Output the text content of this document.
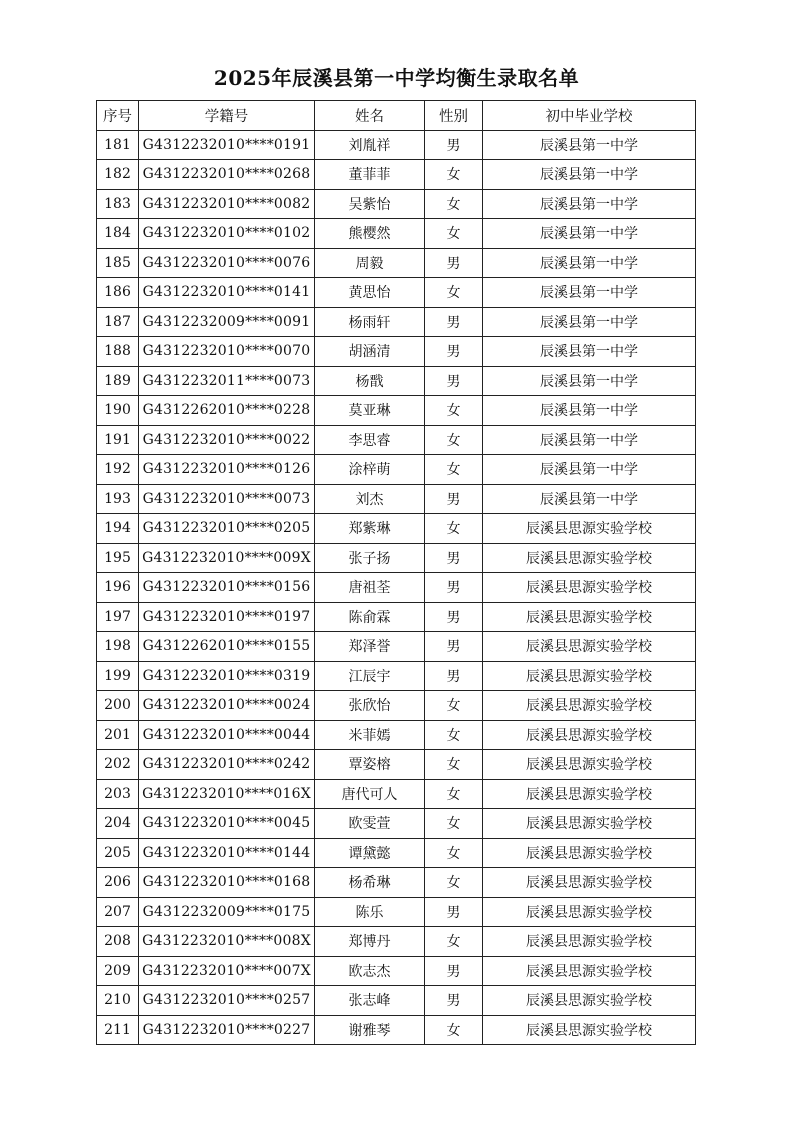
2025年辰溪县第一中学均衡生录取名单
序号	学籍号	姓名	性别	初中毕业学校
181	G4312232010****0191	刘胤祥	男	辰溪县第一中学
182	G4312232010****0268	董菲菲	女	辰溪县第一中学
183	G4312232010****0082	吴紫怡	女	辰溪县第一中学
184	G4312232010****0102	熊樱然	女	辰溪县第一中学
185	G4312232010****0076	周毅	男	辰溪县第一中学
186	G4312232010****0141	黄思怡	女	辰溪县第一中学
187	G4312232009****0091	杨雨轩	男	辰溪县第一中学
188	G4312232010****0070	胡涵清	男	辰溪县第一中学
189	G4312232011****0073	杨戬	男	辰溪县第一中学
190	G4312262010****0228	莫亚琳	女	辰溪县第一中学
191	G4312232010****0022	李思睿	女	辰溪县第一中学
192	G4312232010****0126	涂梓萌	女	辰溪县第一中学
193	G4312232010****0073	刘杰	男	辰溪县第一中学
194	G4312232010****0205	郑紫琳	女	辰溪县思源实验学校
195	G4312232010****009X	张子扬	男	辰溪县思源实验学校
196	G4312232010****0156	唐祖荃	男	辰溪县思源实验学校
197	G4312232010****0197	陈俞霖	男	辰溪县思源实验学校
198	G4312262010****0155	郑泽誉	男	辰溪县思源实验学校
199	G4312232010****0319	江辰宇	男	辰溪县思源实验学校
200	G4312232010****0024	张欣怡	女	辰溪县思源实验学校
201	G4312232010****0044	米菲嫣	女	辰溪县思源实验学校
202	G4312232010****0242	覃姿榕	女	辰溪县思源实验学校
203	G4312232010****016X	唐代可人	女	辰溪县思源实验学校
204	G4312232010****0045	欧雯萱	女	辰溪县思源实验学校
205	G4312232010****0144	谭黛懿	女	辰溪县思源实验学校
206	G4312232010****0168	杨希琳	女	辰溪县思源实验学校
207	G4312232009****0175	陈乐	男	辰溪县思源实验学校
208	G4312232010****008X	郑博丹	女	辰溪县思源实验学校
209	G4312232010****007X	欧志杰	男	辰溪县思源实验学校
210	G4312232010****0257	张志峰	男	辰溪县思源实验学校
211	G4312232010****0227	谢雅琴	女	辰溪县思源实验学校
